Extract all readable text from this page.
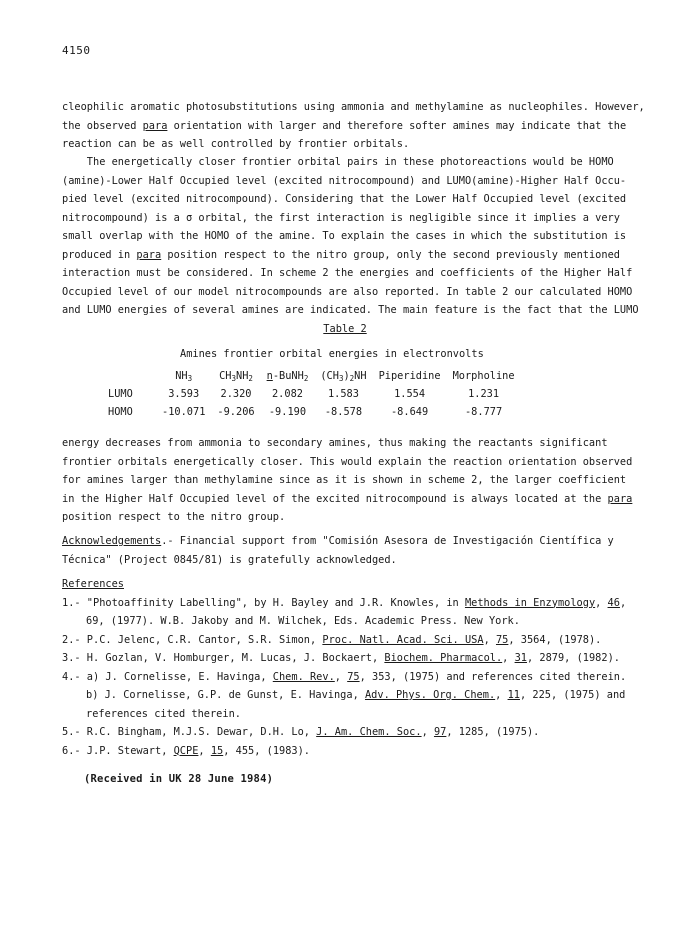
4150
cleophilic aromatic photosubstitutions using ammonia and methylamine as nucleophiles. However,
the observed para orientation with larger and therefore softer amines may indicate that the
reaction can be as well controlled by frontier orbitals.
The energetically closer frontier orbital pairs in these photoreactions would be HOMO
(amine)-Lower Half Occupied level (excited nitrocompound) and LUMO(amine)-Higher Half Occu-
pied level (excited nitrocompound). Considering that the Lower Half Occupied level (excited
nitrocompound) is a σ orbital, the first interaction is negligible since it implies a very
small overlap with the HOMO of the amine. To explain the cases in which the substitution is
produced in para position respect to the nitro group, only the second previously mentioned
interaction must be considered. In scheme 2 the energies and coefficients of the Higher Half
Occupied level of our model nitrocompounds are also reported. In table 2 our calculated HOMO
and LUMO energies of several amines are indicated. The main feature is the fact that the LUMO
Table 2
Amines frontier orbital energies in electronvolts
	$NH_3$	$CH_3NH_2$	n-BuNH$_2$	$(CH_3)_2NH$	Piperidine	Morpholine
LUMO	3.593	2.320	2.082	1.583	1.554	1.231
HOMO	-10.071	-9.206	-9.190	-8.578	-8.649	-8.777
energy decreases from ammonia to secondary amines, thus making the reactants significant
frontier orbitals energetically closer. This would explain the reaction orientation observed
for amines larger than methylamine since as it is shown in scheme 2, the larger coefficient
in the Higher Half Occupied level of the excited nitrocompound is always located at the para
position respect to the nitro group.
Acknowledgements.- Financial support from "Comisión Asesora de Investigación Científica y
Técnica" (Project 0845/81) is gratefully acknowledged.
References
1.- "Photoaffinity Labelling", by H. Bayley and J.R. Knowles, in Methods in Enzymology, 46,
69, (1977). W.B. Jakoby and M. Wilchek, Eds. Academic Press. New York.
2.- P.C. Jelenc, C.R. Cantor, S.R. Simon, Proc. Natl. Acad. Sci. USA, 75, 3564, (1978).
3.- H. Gozlan, V. Homburger, M. Lucas, J. Bockaert, Biochem. Pharmacol., 31, 2879, (1982).
4.- a) J. Cornelisse, E. Havinga, Chem. Rev., 75, 353, (1975) and references cited therein.
b) J. Cornelisse, G.P. de Gunst, E. Havinga, Adv. Phys. Org. Chem., 11, 225, (1975) and
references cited therein.
5.- R.C. Bingham, M.J.S. Dewar, D.H. Lo, J. Am. Chem. Soc., 97, 1285, (1975).
6.- J.P. Stewart, QCPE, 15, 455, (1983).
(Received in UK 28 June 1984)
